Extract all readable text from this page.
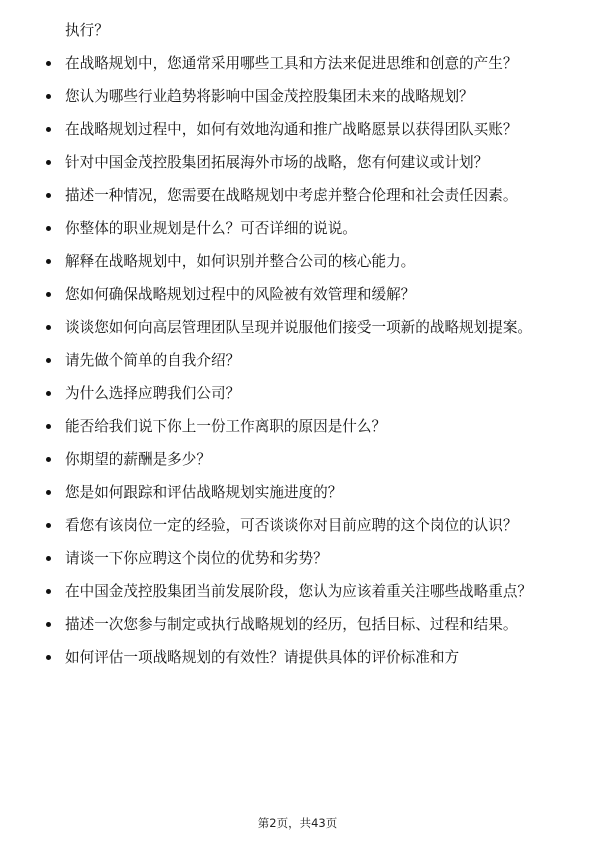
执行？
在战略规划中，您通常采用哪些工具和方法来促进思维和创意的产生？
您认为哪些行业趋势将影响中国金茂控股集团未来的战略规划？
在战略规划过程中，如何有效地沟通和推广战略愿景以获得团队买账？
针对中国金茂控股集团拓展海外市场的战略，您有何建议或计划？
描述一种情况，您需要在战略规划中考虑并整合伦理和社会责任因素。
你整体的职业规划是什么？可否详细的说说。
解释在战略规划中，如何识别并整合公司的核心能力。
您如何确保战略规划过程中的风险被有效管理和缓解？
谈谈您如何向高层管理团队呈现并说服他们接受一项新的战略规划提案。
请先做个简单的自我介绍？
为什么选择应聘我们公司？
能否给我们说下你上一份工作离职的原因是什么？
你期望的薪酬是多少？
您是如何跟踪和评估战略规划实施进度的？
看您有该岗位一定的经验，可否谈谈你对目前应聘的这个岗位的认识？
请谈一下你应聘这个岗位的优势和劣势？
在中国金茂控股集团当前发展阶段，您认为应该着重关注哪些战略重点？
描述一次您参与制定或执行战略规划的经历，包括目标、过程和结果。
如何评估一项战略规划的有效性？请提供具体的评价标准和方
第2页，共43页
